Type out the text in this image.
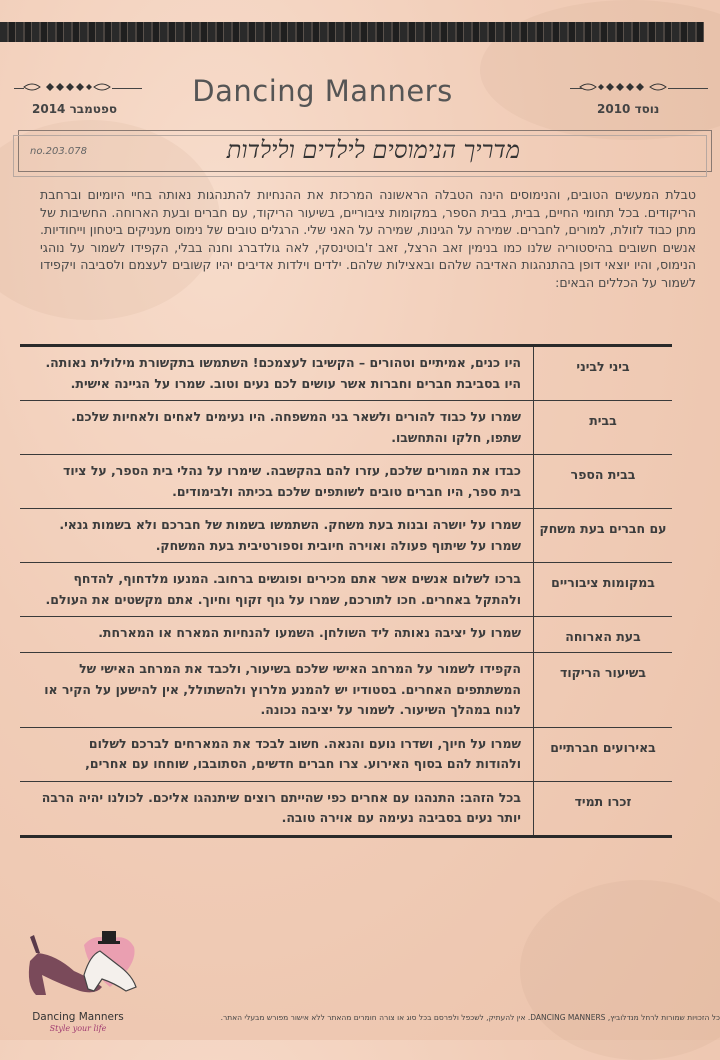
נוסד 2010
ספטמבר 2014
Dancing Manners
no.203.078	מדריך הנימוסים לילדים ולילדות
טבלת המעשים הטובים, והנימוסים הינה הטבלה הראשונה המרכזת את ההנחיות להתנהגות נאותה בחיי היומיום וברחבת הריקודים. בכל תחומי החיים, בבית, בבית הספר, במקומות ציבוריים, בשיעור הריקוד, עם חברים ובעת הארוחה. החשיבות של מתן כבוד לזולת, למורים, לחברים. שמירה על הגינות, שמירה על האני שלי. הרגלים טובים של נימוס מעניקים ביטחון וייחודיות. אנשים חשובים בהיסטוריה שלנו כמו בנימין זאב הרצל, זאב ז'בוטינסקי, לאה גולדברג וחנה בבלי, הקפידו לשמור על נוהגי הנימוס, והיו יוצאי דופן בהתנהגות האדיבה שלהם ובאצילות שלהם. ילדים וילדות אדיבים יהיו קשובים לעצמם ולסביבה ויקפידו לשמור על הכללים הבאים:
ביני לביני	היו כנים, אמיתיים וטהורים – הקשיבו לעצמכם! השתמשו בתקשורת מילולית נאותה. היו בסביבת חברים וחברות אשר עושים לכם נעים וטוב. שמרו על הגיינה אישית.
בבית	שמרו על כבוד להורים ולשאר בני המשפחה. היו נעימים לאחים ולאחיות שלכם. שתפו, חלקו והתחשבו.
בבית הספר	כבדו את המורים שלכם, עזרו להם בהקשבה. שימרו על נהלי בית הספר, על ציוד בית ספר, היו חברים טובים לשותפים שלכם בכיתה ולבימודים.
עם חברים בעת משחק	שמרו על יושרה ובנות בעת משחק. השתמשו בשמות של חברכם ולא בשמות גנאי. שמרו על שיתוף פעולה ואוירה חיובית וספורטיבית בעת המשחק.
במקומות ציבוריים	ברכו לשלום אנשים אשר אתם מכירים ופוגשים ברחוב. המנעו מלדחוף, להדחף ולהתקל באחרים. חכו לתורכם, שמרו על גוף זקוף וחיוך. אתם מקשטים את העולם.
בעת הארוחה	שמרו על יציבה נאותה ליד השולחן. השמעו להנחיות המארח או המארחת.
בשיעור הריקוד	הקפידו לשמור על המרחב האישי שלכם בשיעור, ולכבד את המרחב האישי של המשתתפים האחרים. בסטודיו יש להמנע מלרוץ ולהשתולל, אין להישען על הקיר או לנוח במהלך השיעור. לשמור על יציבה נכונה.
באירועים חברתיים	שמרו על חיוך, ושדרו נועם והנאה. חשוב לבכד את המארחים לברכם לשלום ולהודות להם בסוף האירוע. צרו חברים חדשים, הסתובבו, שוחחו עם אחרים,
זכרו תמיד	בכל הזהב: התנהגו עם אחרים כפי שהייתם רוצים שיתנהגו אליכם. לכולנו יהיה הרבה יותר נעים בסביבה נעימה עם אוירה טובה.
Dancing Manners
Style your life
כל הזכויות שמורות לרחל מנדלוביץ, DANCING MANNERS. אין להעתיק, לשכפל ולפרסם בכל סוג או צורה חומרים מהאתר ללא אישור מפורש מבעלי האתר.
